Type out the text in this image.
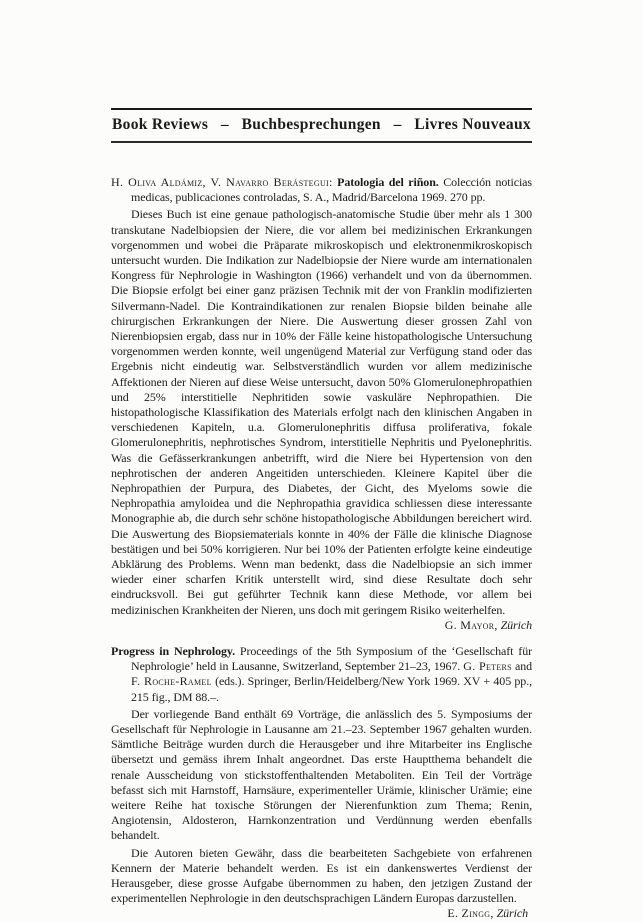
Book Reviews – Buchbesprechungen – Livres Nouveaux

H. Oliva Aldámiz, V. Navarro Berástegui: Patologia del riñon. Colección noticias medicas, publicaciones controladas, S. A., Madrid/Barcelona 1969. 270 pp.

Dieses Buch ist eine genaue pathologisch-anatomische Studie über mehr als 1 300 transkutane Nadelbiopsien der Niere, die vor allem bei medizinischen Erkrankungen vorgenommen und wobei die Präparate mikroskopisch und elektronenmikroskopisch untersucht wurden. Die Indikation zur Nadelbiopsie der Niere wurde am internationalen Kongress für Nephrologie in Washington (1966) verhandelt und von da übernommen. Die Biopsie erfolgt bei einer ganz präzisen Technik mit der von Franklin modifizierten Silvermann-Nadel. Die Kontraindikationen zur renalen Biopsie bilden beinahe alle chirurgischen Erkrankungen der Niere. Die Auswertung dieser grossen Zahl von Nierenbiopsien ergab, dass nur in 10% der Fälle keine histopathologische Untersuchung vorgenommen werden konnte, weil ungenügend Material zur Verfügung stand oder das Ergebnis nicht eindeutig war. Selbstverständlich wurden vor allem medizinische Affektionen der Nieren auf diese Weise untersucht, davon 50% Glomerulonephropathien und 25% interstitielle Nephritiden sowie vaskuläre Nephropathien. Die histopathologische Klassifikation des Materials erfolgt nach den klinischen Angaben in verschiedenen Kapiteln, u.a. Glomerulonephritis diffusa proliferativa, fokale Glomerulonephritis, nephrotisches Syndrom, interstitielle Nephritis und Pyelonephritis. Was die Gefässerkrankungen anbetrifft, wird die Niere bei Hypertension von den nephrotischen der anderen Angeitiden unterschieden. Kleinere Kapitel über die Nephropathien der Purpura, des Diabetes, der Gicht, des Myeloms sowie die Nephropathia amyloidea und die Nephropathia gravidica schliessen diese interessante Monographie ab, die durch sehr schöne histopathologische Abbildungen bereichert wird. Die Auswertung des Biopsiematerials konnte in 40% der Fälle die klinische Diagnose bestätigen und bei 50% korrigieren. Nur bei 10% der Patienten erfolgte keine eindeutige Abklärung des Problems. Wenn man bedenkt, dass die Nadelbiopsie an sich immer wieder einer scharfen Kritik unterstellt wird, sind diese Resultate doch sehr eindrucksvoll. Bei gut geführter Technik kann diese Methode, vor allem bei medizinischen Krankheiten der Nieren, uns doch mit geringem Risiko weiterhelfen.
G. Mayor, Zürich

Progress in Nephrology. Proceedings of the 5th Symposium of the ‘Gesellschaft für Nephrologie’ held in Lausanne, Switzerland, September 21–23, 1967. G. Peters and F. Roche-Ramel (eds.). Springer, Berlin/Heidelberg/New York 1969. XV + 405 pp., 215 fig., DM 88.–.

Der vorliegende Band enthält 69 Vorträge, die anlässlich des 5. Symposiums der Gesellschaft für Nephrologie in Lausanne am 21.–23. September 1967 gehalten wurden. Sämtliche Beiträge wurden durch die Herausgeber und ihre Mitarbeiter ins Englische übersetzt und gemäss ihrem Inhalt angeordnet. Das erste Hauptthema behandelt die renale Ausscheidung von stickstoffenthaltenden Metaboliten. Ein Teil der Vorträge befasst sich mit Harnstoff, Harnsäure, experimenteller Urämie, klinischer Urämie; eine weitere Reihe hat toxische Störungen der Nierenfunktion zum Thema; Renin, Angiotensin, Aldosteron, Harnkonzentration und Verdünnung werden ebenfalls behandelt.

Die Autoren bieten Gewähr, dass die bearbeiteten Sachgebiete von erfahrenen Kennern der Materie behandelt werden. Es ist ein dankenswertes Verdienst der Herausgeber, diese grosse Aufgabe übernommen zu haben, den jetzigen Zustand der experimentellen Nephrologie in den deutschsprachigen Ländern Europas darzustellen.

E. Zingg, Zürich
